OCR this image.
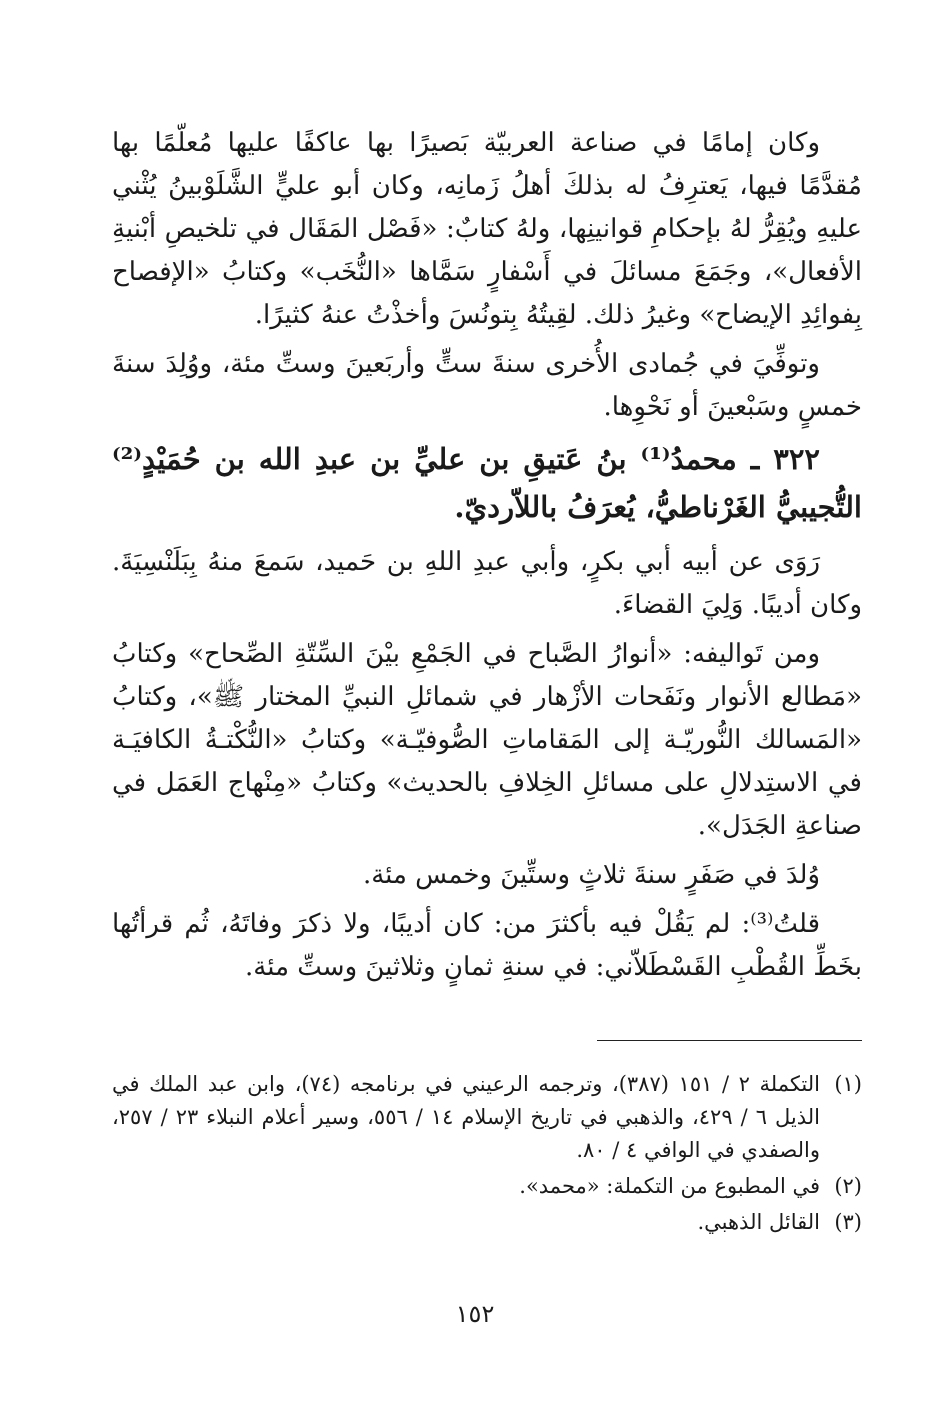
وكان إمامًا في صناعة العربيّة بَصيرًا بها عاكفًا عليها مُعلّمًا بها مُقدَّمًا فيها، يَعترِفُ له بذلكَ أهلُ زَمانِه، وكان أبو عليٍّ الشَّلَوْبينُ يُثْني عليهِ ويُقِرُّ لهُ بإحكامِ قوانينِها، ولهُ كتابٌ: «فَصْل المَقَال في تلخيصِ أبْنيةِ الأفعال»، وجَمَعَ مسائلَ في أَسْفارٍ سَمَّاها «النُّخَب» وكتابُ «الإفصاح بِفوائِدِ الإيضاح» وغيرُ ذلك. لقِيتُهُ بِتونُسَ وأخذْتُ عنهُ كثيرًا.

وتوفِّيَ في جُمادى الأُخرى سنةَ ستٍّ وأربَعينَ وستِّ مئة، ووُلِدَ سنةَ خمسٍ وسَبْعينَ أو نَحْوِها.

٣٢٢ ـ محمدُ⁽¹⁾ بنُ عَتيقِ بن عليِّ بن عبدِ الله بن حُمَيْدٍ⁽²⁾ التُّجيبيُّ الغَرْناطيُّ، يُعرَفُ باللاّرديّ.

رَوَى عن أبيه أبي بكرٍ، وأبي عبدِ اللهِ بن حَميد، سَمعَ منهُ بِبَلَنْسِيَةَ. وكان أديبًا. وَلِيَ القضاءَ.

ومن تَواليفه: «أنوارُ الصَّباح في الجَمْعِ بيْنَ السِّتّةِ الصِّحاح» وكتابُ «مَطالع الأنوار ونَفَحات الأزْهار في شمائلِ النبيِّ المختار ﷺ»، وكتابُ «المَسالك النُّوريّـة إلى المَقاماتِ الصُّوفيّـة» وكتابُ «النُّكْتـةُ الكافيَـة في الاستِدلالِ على مسائلِ الخِلافِ بالحديث» وكتابُ «مِنْهاج العَمَل في صناعةِ الجَدَل».

وُلدَ في صَفَرٍ سنةَ ثلاثٍ وستِّينَ وخمس مئة.

قلتُ⁽³⁾: لم يَقُلْ فيه بأكثرَ من: كان أديبًا، ولا ذكرَ وفاتَهُ، ثُم قرأتُها بخَطِّ القُطْبِ القَسْطَلاّني: في سنةِ ثمانٍ وثلاثينَ وستِّ مئة.

(١)
التكملة ٢ / ١٥١ (٣٨٧)، وترجمه الرعيني في برنامجه (٧٤)، وابن عبد الملك في الذيل ٦ / ٤٢٩، والذهبي في تاريخ الإسلام ١٤ / ٥٥٦، وسير أعلام النبلاء ٢٣ / ٢٥٧، والصفدي في الوافي ٤ / ٨٠.
(٢)
في المطبوع من التكملة: «محمد».
(٣)
القائل الذهبي.
١٥٢
